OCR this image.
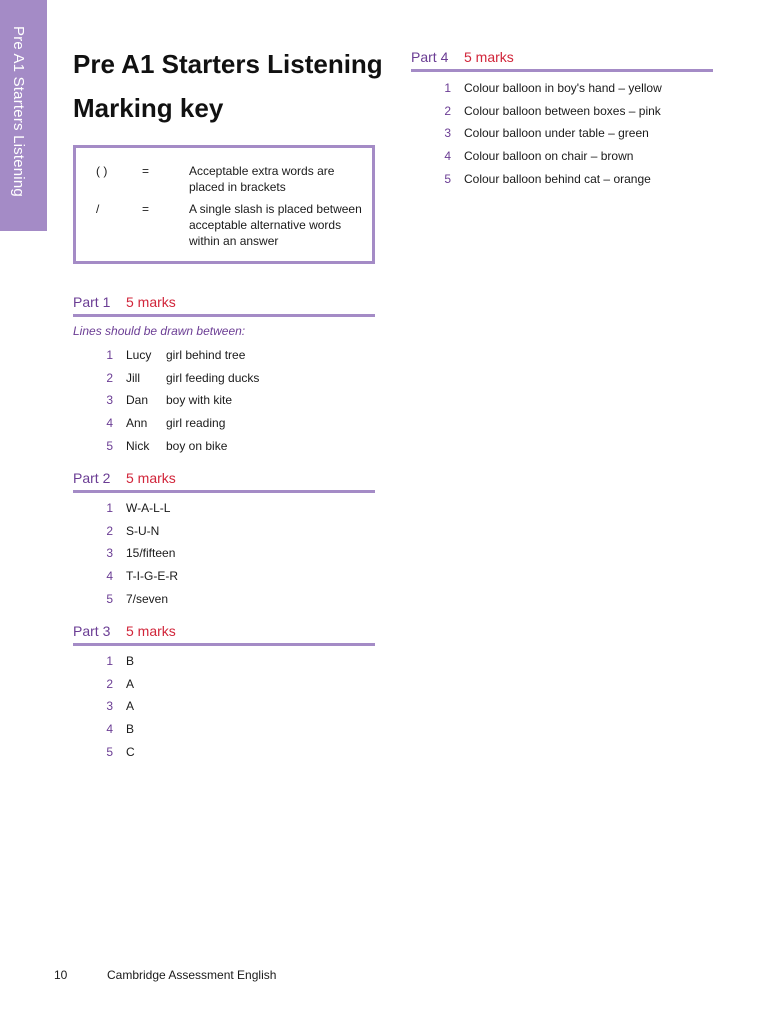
Pre A1 Starters Listening Pre A1 Starters Listening
Marking key
( )	=	Acceptable extra words are placed in brackets
/	=	A single slash is placed between acceptable alternative words within an answer
Part 1 5 marks
Lines should be drawn between:
1 Lucy girl behind tree
2 Jill girl feeding ducks
3 Dan boy with kite
4 Ann girl reading
5 Nick boy on bike
Part 2 5 marks
1 W-A-L-L
2 S-U-N
3 15/fifteen
4 T-I-G-E-R
5 7/seven
Part 3 5 marks
1 B
2 A
3 A
4 B
5 C
Part 4 5 marks
1 Colour balloon in boy's hand – yellow
2 Colour balloon between boxes – pink
3 Colour balloon under table – green
4 Colour balloon on chair – brown
5 Colour balloon behind cat – orange
10	Cambridge Assessment English
